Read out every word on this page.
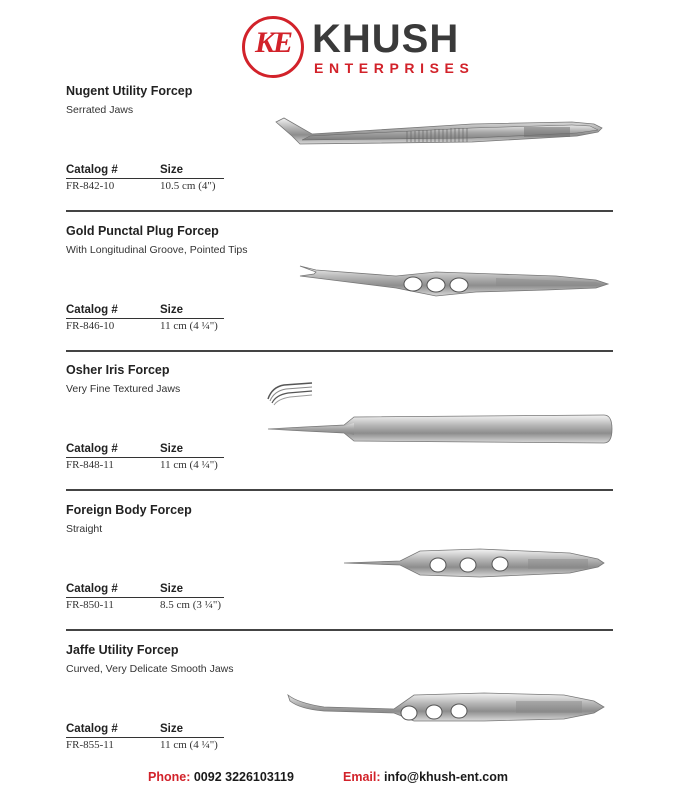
KE KHUSH
ENTERPRISES
Nugent Utility Forcep
Serrated Jaws
Catalog #	Size
FR-842-10	10.5 cm (4")
Gold Punctal Plug Forcep
With Longitudinal Groove, Pointed Tips
Catalog #	Size
FR-846-10	11 cm (4 ¼")
Osher Iris Forcep
Very Fine Textured Jaws
Catalog #	Size
FR-848-11	11 cm (4 ¼")
Foreign Body Forcep
Straight
Catalog #	Size
FR-850-11	8.5 cm (3 ¼")
Jaffe Utility Forcep
Curved, Very Delicate Smooth Jaws
Catalog #	Size
FR-855-11	11 cm (4 ¼")
Phone: 0092 3226103119	Email: info@khush-ent.com
